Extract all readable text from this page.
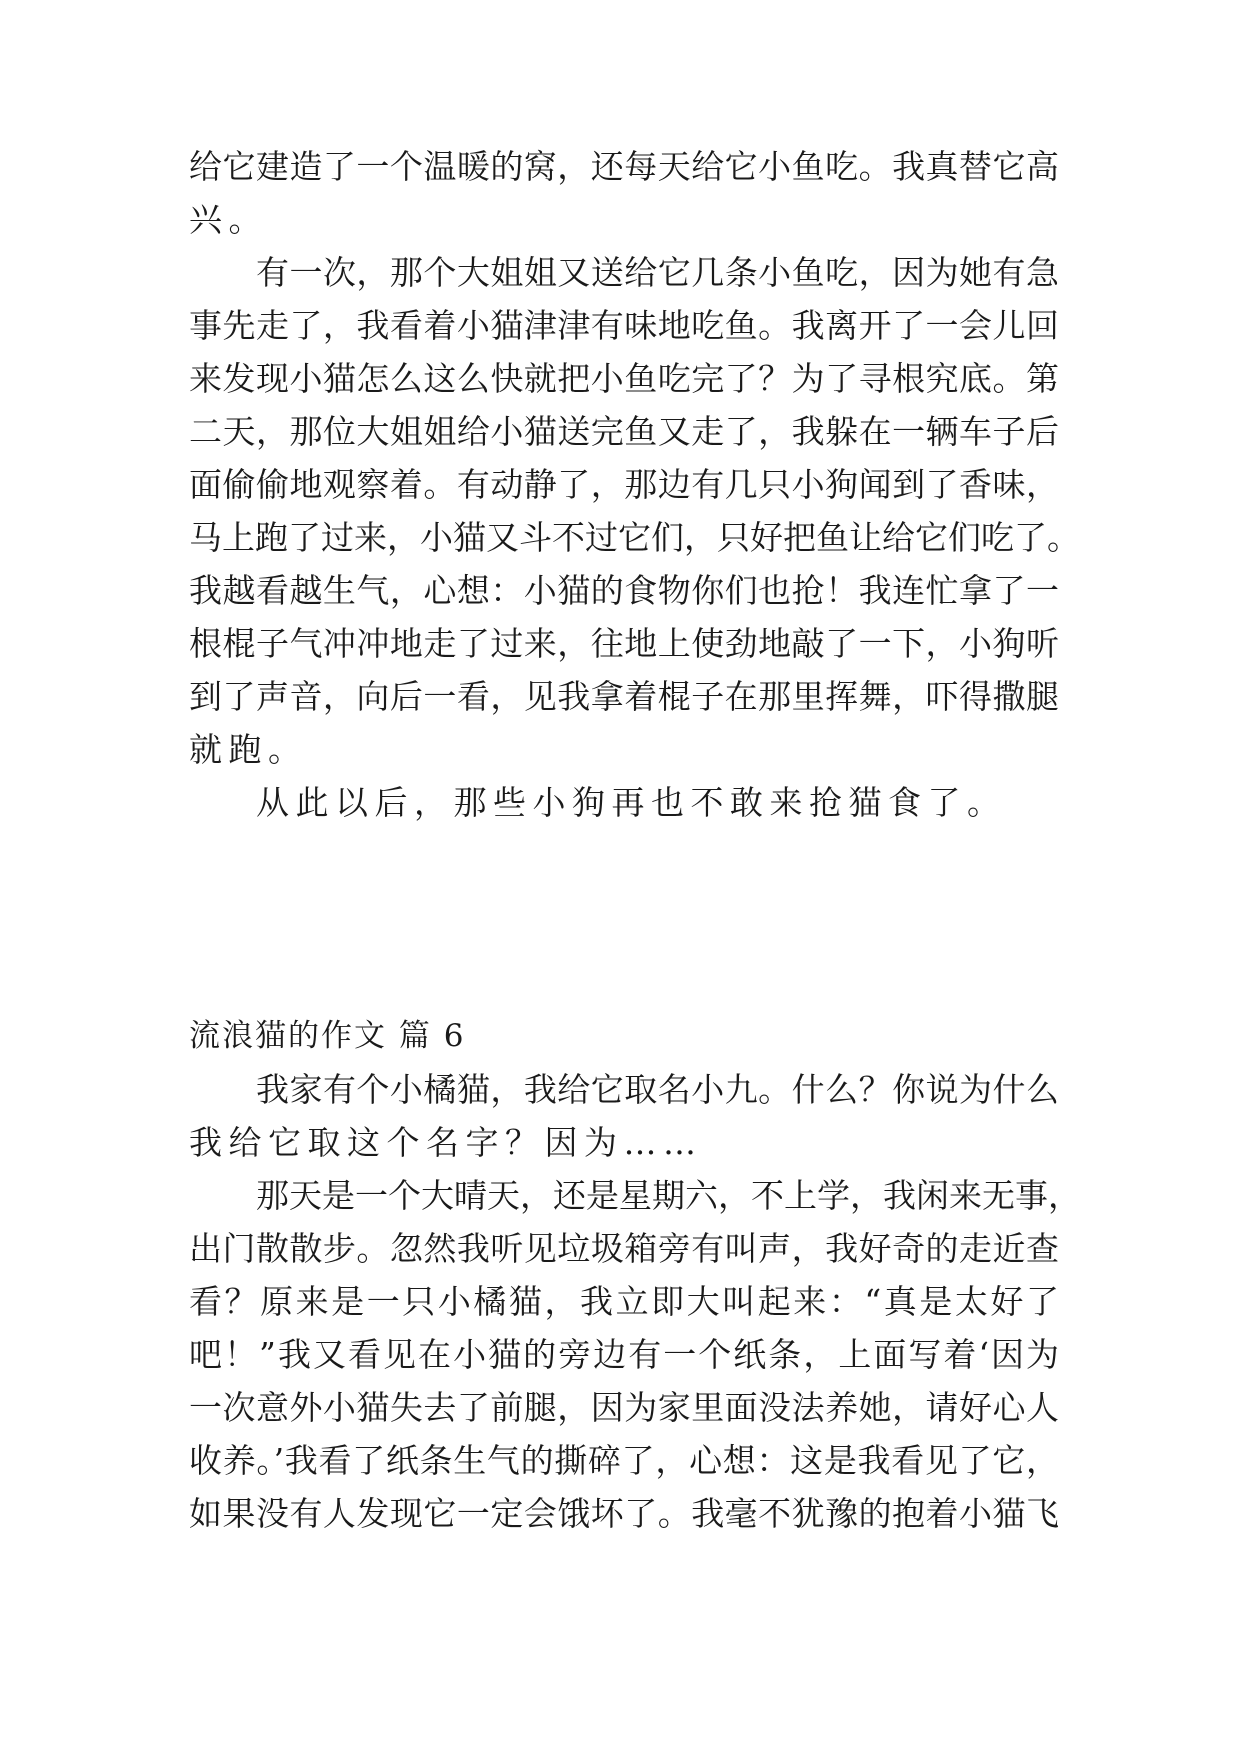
给它建造了一个温暖的窝，还每天给它小鱼吃。我真替它高
兴。
有一次，那个大姐姐又送给它几条小鱼吃，因为她有急
事先走了，我看着小猫津津有味地吃鱼。我离开了一会儿回
来发现小猫怎么这么快就把小鱼吃完了？为了寻根究底。第
二天，那位大姐姐给小猫送完鱼又走了，我躲在一辆车子后
面偷偷地观察着。有动静了，那边有几只小狗闻到了香味，
马上跑了过来，小猫又斗不过它们，只好把鱼让给它们吃了。
我越看越生气，心想：小猫的食物你们也抢！我连忙拿了一
根棍子气冲冲地走了过来，往地上使劲地敲了一下，小狗听
到了声音，向后一看，见我拿着棍子在那里挥舞，吓得撒腿
就跑。
从此以后，那些小狗再也不敢来抢猫食了。
流浪猫的作文 篇 6
我家有个小橘猫，我给它取名小九。什么？你说为什么
我给它取这个名字？因为……
那天是一个大晴天，还是星期六，不上学，我闲来无事，
出门散散步。忽然我听见垃圾箱旁有叫声，我好奇的走近查
看？原来是一只小橘猫，我立即大叫起来：“真是太好了
吧！”我又看见在小猫的旁边有一个纸条，上面写着‘因为
一次意外小猫失去了前腿，因为家里面没法养她，请好心人
收养。’我看了纸条生气的撕碎了，心想：这是我看见了它，
如果没有人发现它一定会饿坏了。我毫不犹豫的抱着小猫飞
